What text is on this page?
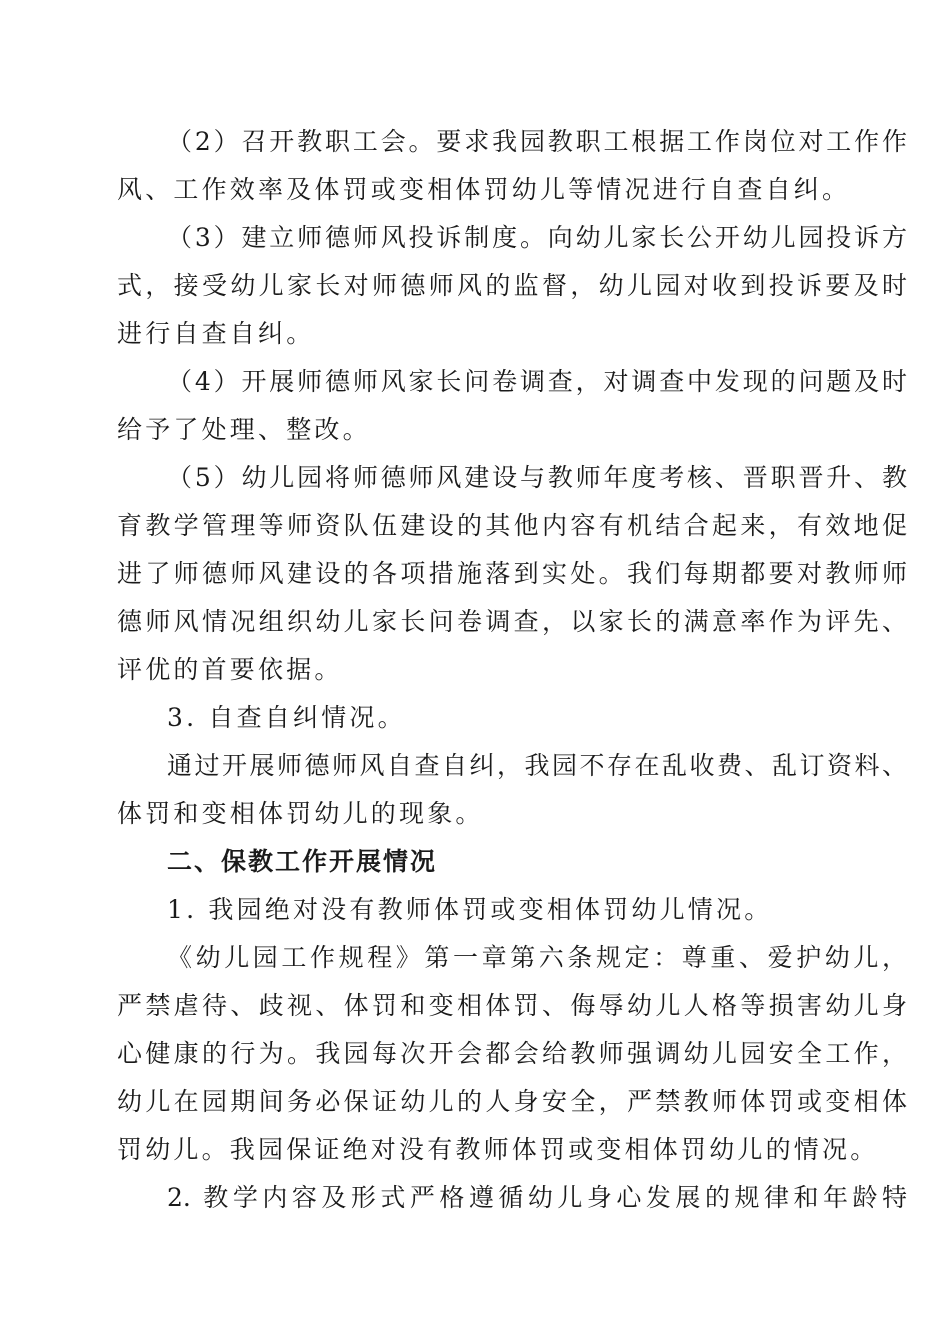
（2）召开教职工会。要求我园教职工根据工作岗位对工作作
风、工作效率及体罚或变相体罚幼儿等情况进行自查自纠。
（3）建立师德师风投诉制度。向幼儿家长公开幼儿园投诉方
式，接受幼儿家长对师德师风的监督，幼儿园对收到投诉要及时
进行自查自纠。
（4）开展师德师风家长问卷调查，对调查中发现的问题及时
给予了处理、整改。
（5）幼儿园将师德师风建设与教师年度考核、晋职晋升、教
育教学管理等师资队伍建设的其他内容有机结合起来，有效地促
进了师德师风建设的各项措施落到实处。我们每期都要对教师师
德师风情况组织幼儿家长问卷调查，以家长的满意率作为评先、
评优的首要依据。
3. 自查自纠情况。
通过开展师德师风自查自纠，我园不存在乱收费、乱订资料、
体罚和变相体罚幼儿的现象。
二、保教工作开展情况
1. 我园绝对没有教师体罚或变相体罚幼儿情况。
《幼儿园工作规程》第一章第六条规定：尊重、爱护幼儿，
严禁虐待、歧视、体罚和变相体罚、侮辱幼儿人格等损害幼儿身
心健康的行为。我园每次开会都会给教师强调幼儿园安全工作，
幼儿在园期间务必保证幼儿的人身安全，严禁教师体罚或变相体
罚幼儿。我园保证绝对没有教师体罚或变相体罚幼儿的情况。
2. 教学内容及形式严格遵循幼儿身心发展的规律和年龄特
